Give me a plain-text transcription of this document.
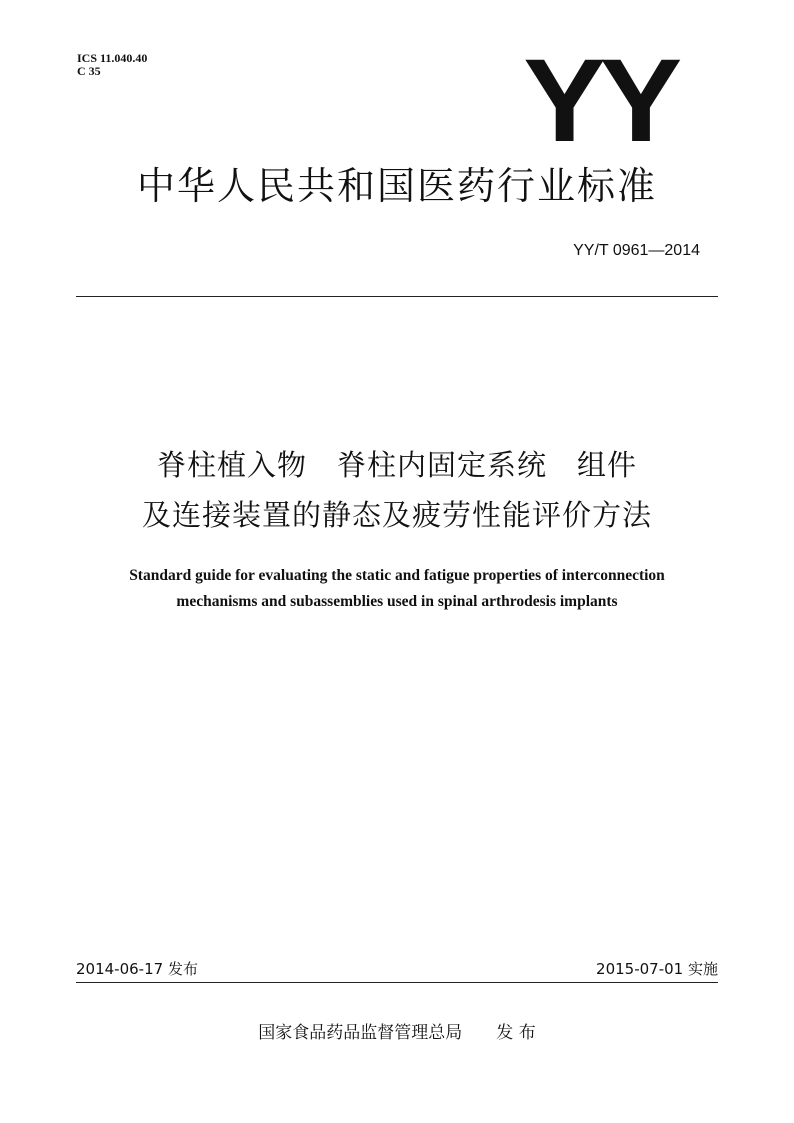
ICS 11.040.40
C 35	YY
中华人民共和国医药行业标准
YY/T 0961—2014
脊柱植入物　脊柱内固定系统　组件
及连接装置的静态及疲劳性能评价方法
Standard guide for evaluating the static and fatigue properties of interconnection
mechanisms and subassemblies used in spinal arthrodesis implants
2014-06-17 发布	2015-07-01 实施
国家食品药品监督管理总局　　发 布
